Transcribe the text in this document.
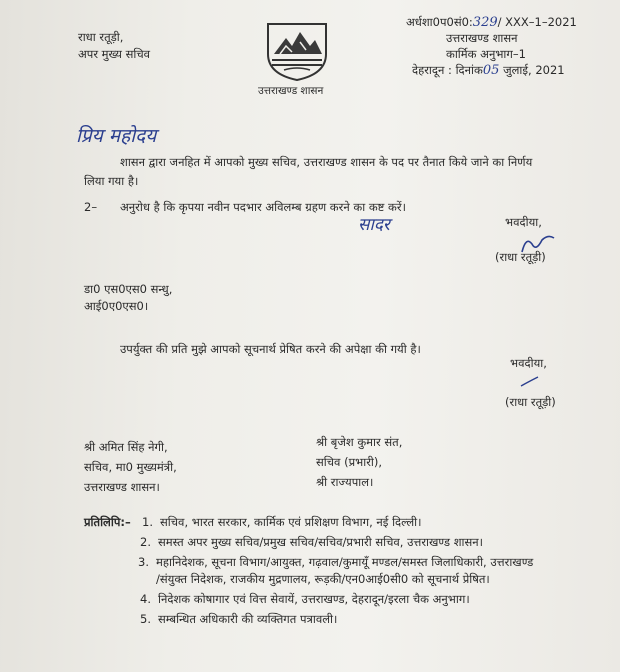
राधा रतूड़ी,
अपर मुख्य सचिव
उत्तराखण्ड शासन
अर्धशा0प0सं0:329/ XXX–1–2021
उत्तराखण्ड शासन
कार्मिक अनुभाग–1
देहरादून : दिनांक05 जुलाई, 2021
प्रिय महोदय
शासन द्वारा जनहित में आपको मुख्य सचिव, उत्तराखण्ड शासन के पद पर तैनात किये जाने का निर्णय
लिया गया है।
2– अनुरोध है कि कृपया नवीन पदभार अविलम्ब ग्रहण करने का कष्ट करें।
सादर	भवदीया,
(राधा रतूड़ी)
डा0 एस0एस0 सन्धु,
आई0ए0एस0।
उपर्युक्त की प्रति मुझे आपको सूचनार्थ प्रेषित करने की अपेक्षा की गयी है।
भवदीया,
(राधा रतूड़ी)
श्री अमित सिंह नेगी,
सचिव, मा0 मुख्यमंत्री,
उत्तराखण्ड शासन।
श्री बृजेश कुमार संत,
सचिव (प्रभारी),
श्री राज्यपाल।
प्रतिलिपि:– 1. सचिव, भारत सरकार, कार्मिक एवं प्रशिक्षण विभाग, नई दिल्ली।
2. समस्त अपर मुख्य सचिव/प्रमुख सचिव/सचिव/प्रभारी सचिव, उत्तराखण्ड शासन।
3. महानिदेशक, सूचना विभाग/आयुक्त, गढ़वाल/कुमायूँ मण्डल/समस्त जिलाधिकारी, उत्तराखण्ड
/संयुक्त निदेशक, राजकीय मुद्रणालय, रूड़की/एन0आई0सी0 को सूचनार्थ प्रेषित।
4. निदेशक कोषागार एवं वित्त सेवायें, उत्तराखण्ड, देहरादून/इरला चैक अनुभाग।
5. सम्बन्धित अधिकारी की व्यक्तिगत पत्रावली।
